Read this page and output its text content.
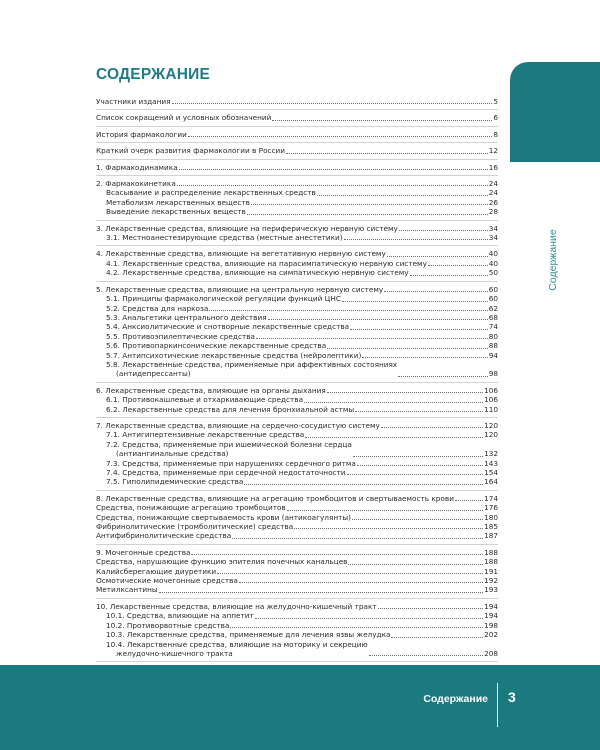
СОДЕРЖАНИЕ
Содержание
Участники издания	5
Список сокращений и условных обозначений	6
История фармакологии	8
Краткий очерк развития фармакологии в России	12
1. Фармакодинамика	16
2. Фармакокинетика	24
Всасывание и распределение лекарственных средств	24
Метаболизм лекарственных веществ	26
Выведение лекарственных веществ	28
3. Лекарственные средства, влияющие на периферическую нервную систему	34
3.1. Местноанестезирующие средства (местные анестетики)	34
4. Лекарственные средства, влияющие на вегетативную нервную систему	40
4.1. Лекарственные средства, влияющие на парасимпатическую нервную систему	40
4.2. Лекарственные средства, влияющие на симпатическую нервную систему	50
5. Лекарственные средства, влияющие на центральную нервную систему	60
5.1. Принципы фармакологической регуляции функций ЦНС	60
5.2. Средства для наркоза	62
5.3. Анальгетики центрального действия	68
5.4. Анксиолитические и снотворные лекарственные средства	74
5.5. Противоэпилептические средства	80
5.6. Противопаркинсонические лекарственные средства	88
5.7. Антипсихотические лекарственные средства (нейролептики)	94
5.8. Лекарственные средства, применяемые при аффективных состояниях
(антидепрессанты)	98
6. Лекарственные средства, влияющие на органы дыхания	106
6.1. Противокашлевые и отхаркивающие средства	106
6.2. Лекарственные средства для лечения бронхиальной астмы	110
7. Лекарственные средства, влияющие на сердечно-сосудистую систему	120
7.1. Антигипертензивные лекарственные средства	120
7.2. Средства, применяемые при ишемической болезни сердца
(антиангинальные средства)	132
7.3. Средства, применяемые при нарушениях сердечного ритма	143
7.4. Средства, применяемые при сердечной недостаточности	154
7.5. Гиполипидемические средства	164
8. Лекарственные средства, влияющие на агрегацию тромбоцитов и свертываемость крови	174
Средства, понижающие агрегацию тромбоцитов	176
Средства, понижающие свертываемость крови (антикоагулянты)	180
Фибринолитические (тромболитические) средства	185
Антифибринолитические средства	187
9. Мочегонные средства	188
Средства, нарушающие функцию эпителия почечных канальцев	188
Калийсберегающие диуретики	191
Осмотические мочегонные средства	192
Метилксантины	193
10. Лекарственные средства, влияющие на желудочно-кишечный тракт	194
10.1. Средства, влияющие на аппетит	194
10.2. Противорвотные средства	198
10.3. Лекарственные средства, применяемые для лечения язвы желудка	202
10.4. Лекарственные средства, влияющие на моторику и секрецию
желудочно-кишечного тракта	208
Содержание 3
